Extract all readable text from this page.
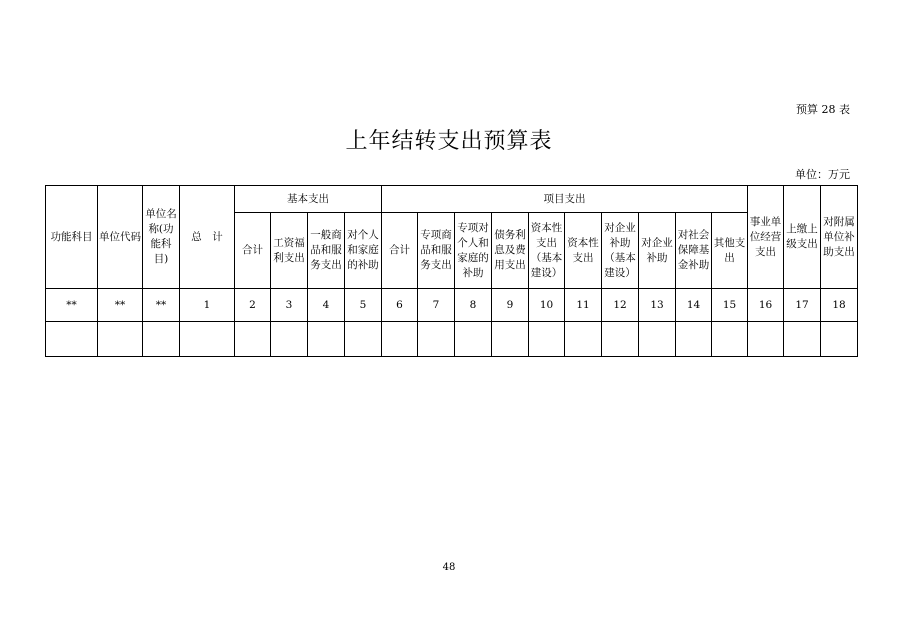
预算 28 表
上年结转支出预算表
单位：万元
功能科目	单位代码	单位名称(功能科目)	总　计	基本支出				项目支出										事业单位经营支出	上缴上级支出	对附属单位补助支出
				合计	工资福利支出	一般商品和服务支出	对个人和家庭的补助	合计	专项商品和服务支出	专项对个人和家庭的补助	债务利息及费用支出	资本性支出（基本建设）	资本性支出	对企业补助（基本建设）	对企业补助	对社会保障基金补助	其他支出			
**	**	**	1	2	3	4	5	6	7	8	9	10	11	12	13	14	15	16	17	18

48
